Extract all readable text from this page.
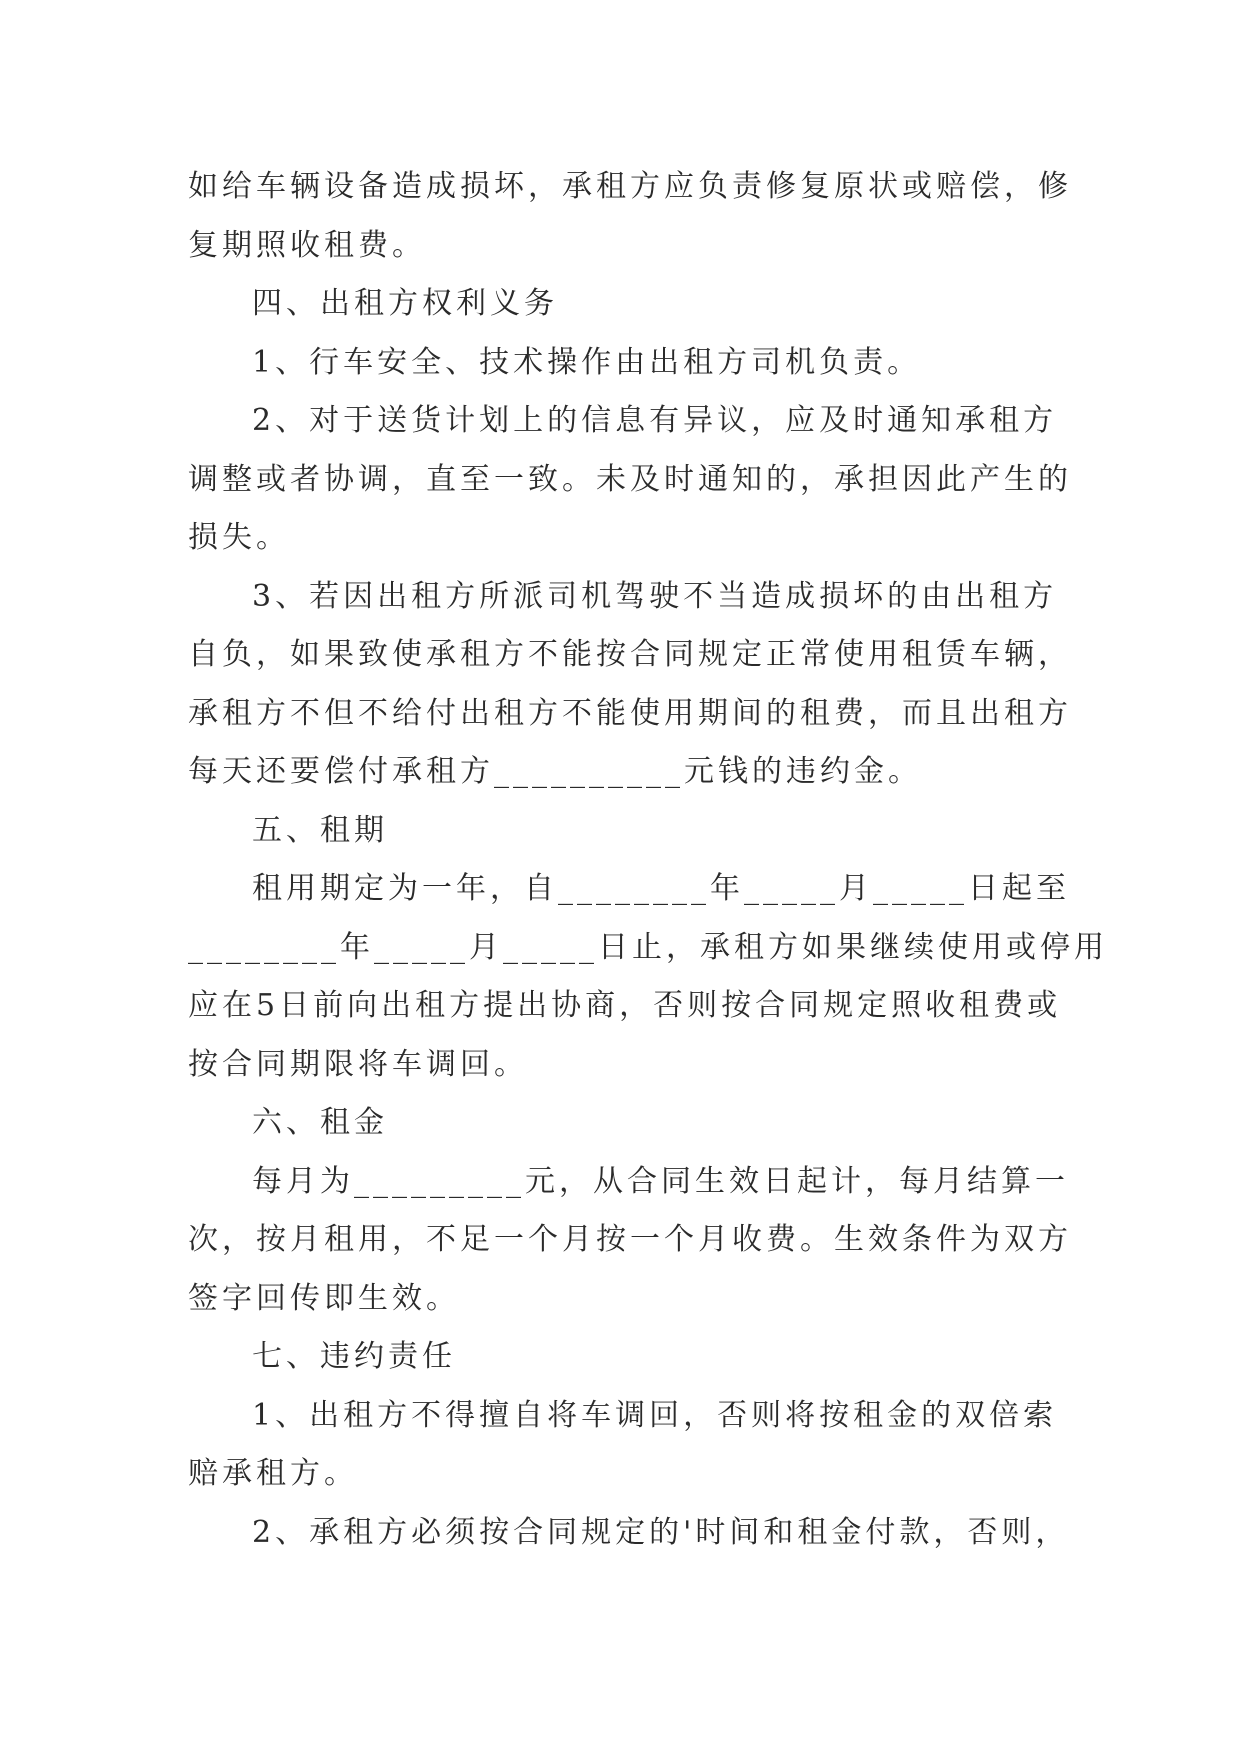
如给车辆设备造成损坏，承租方应负责修复原状或赔偿，修
复期照收租费。

四、出租方权利义务

1、行车安全、技术操作由出租方司机负责。

2、对于送货计划上的信息有异议，应及时通知承租方
调整或者协调，直至一致。未及时通知的，承担因此产生的
损失。

3、若因出租方所派司机驾驶不当造成损坏的由出租方
自负，如果致使承租方不能按合同规定正常使用租赁车辆，
承租方不但不给付出租方不能使用期间的租费，而且出租方
每天还要偿付承租方__________元钱的违约金。

五、租期

租用期定为一年，自________年_____月_____日起至
________年_____月_____日止，承租方如果继续使用或停用
应在5日前向出租方提出协商，否则按合同规定照收租费或
按合同期限将车调回。

六、租金

每月为_________元，从合同生效日起计，每月结算一
次，按月租用，不足一个月按一个月收费。生效条件为双方
签字回传即生效。

七、违约责任

1、出租方不得擅自将车调回，否则将按租金的双倍索
赔承租方。

2、承租方必须按合同规定的'时间和租金付款，否则，
